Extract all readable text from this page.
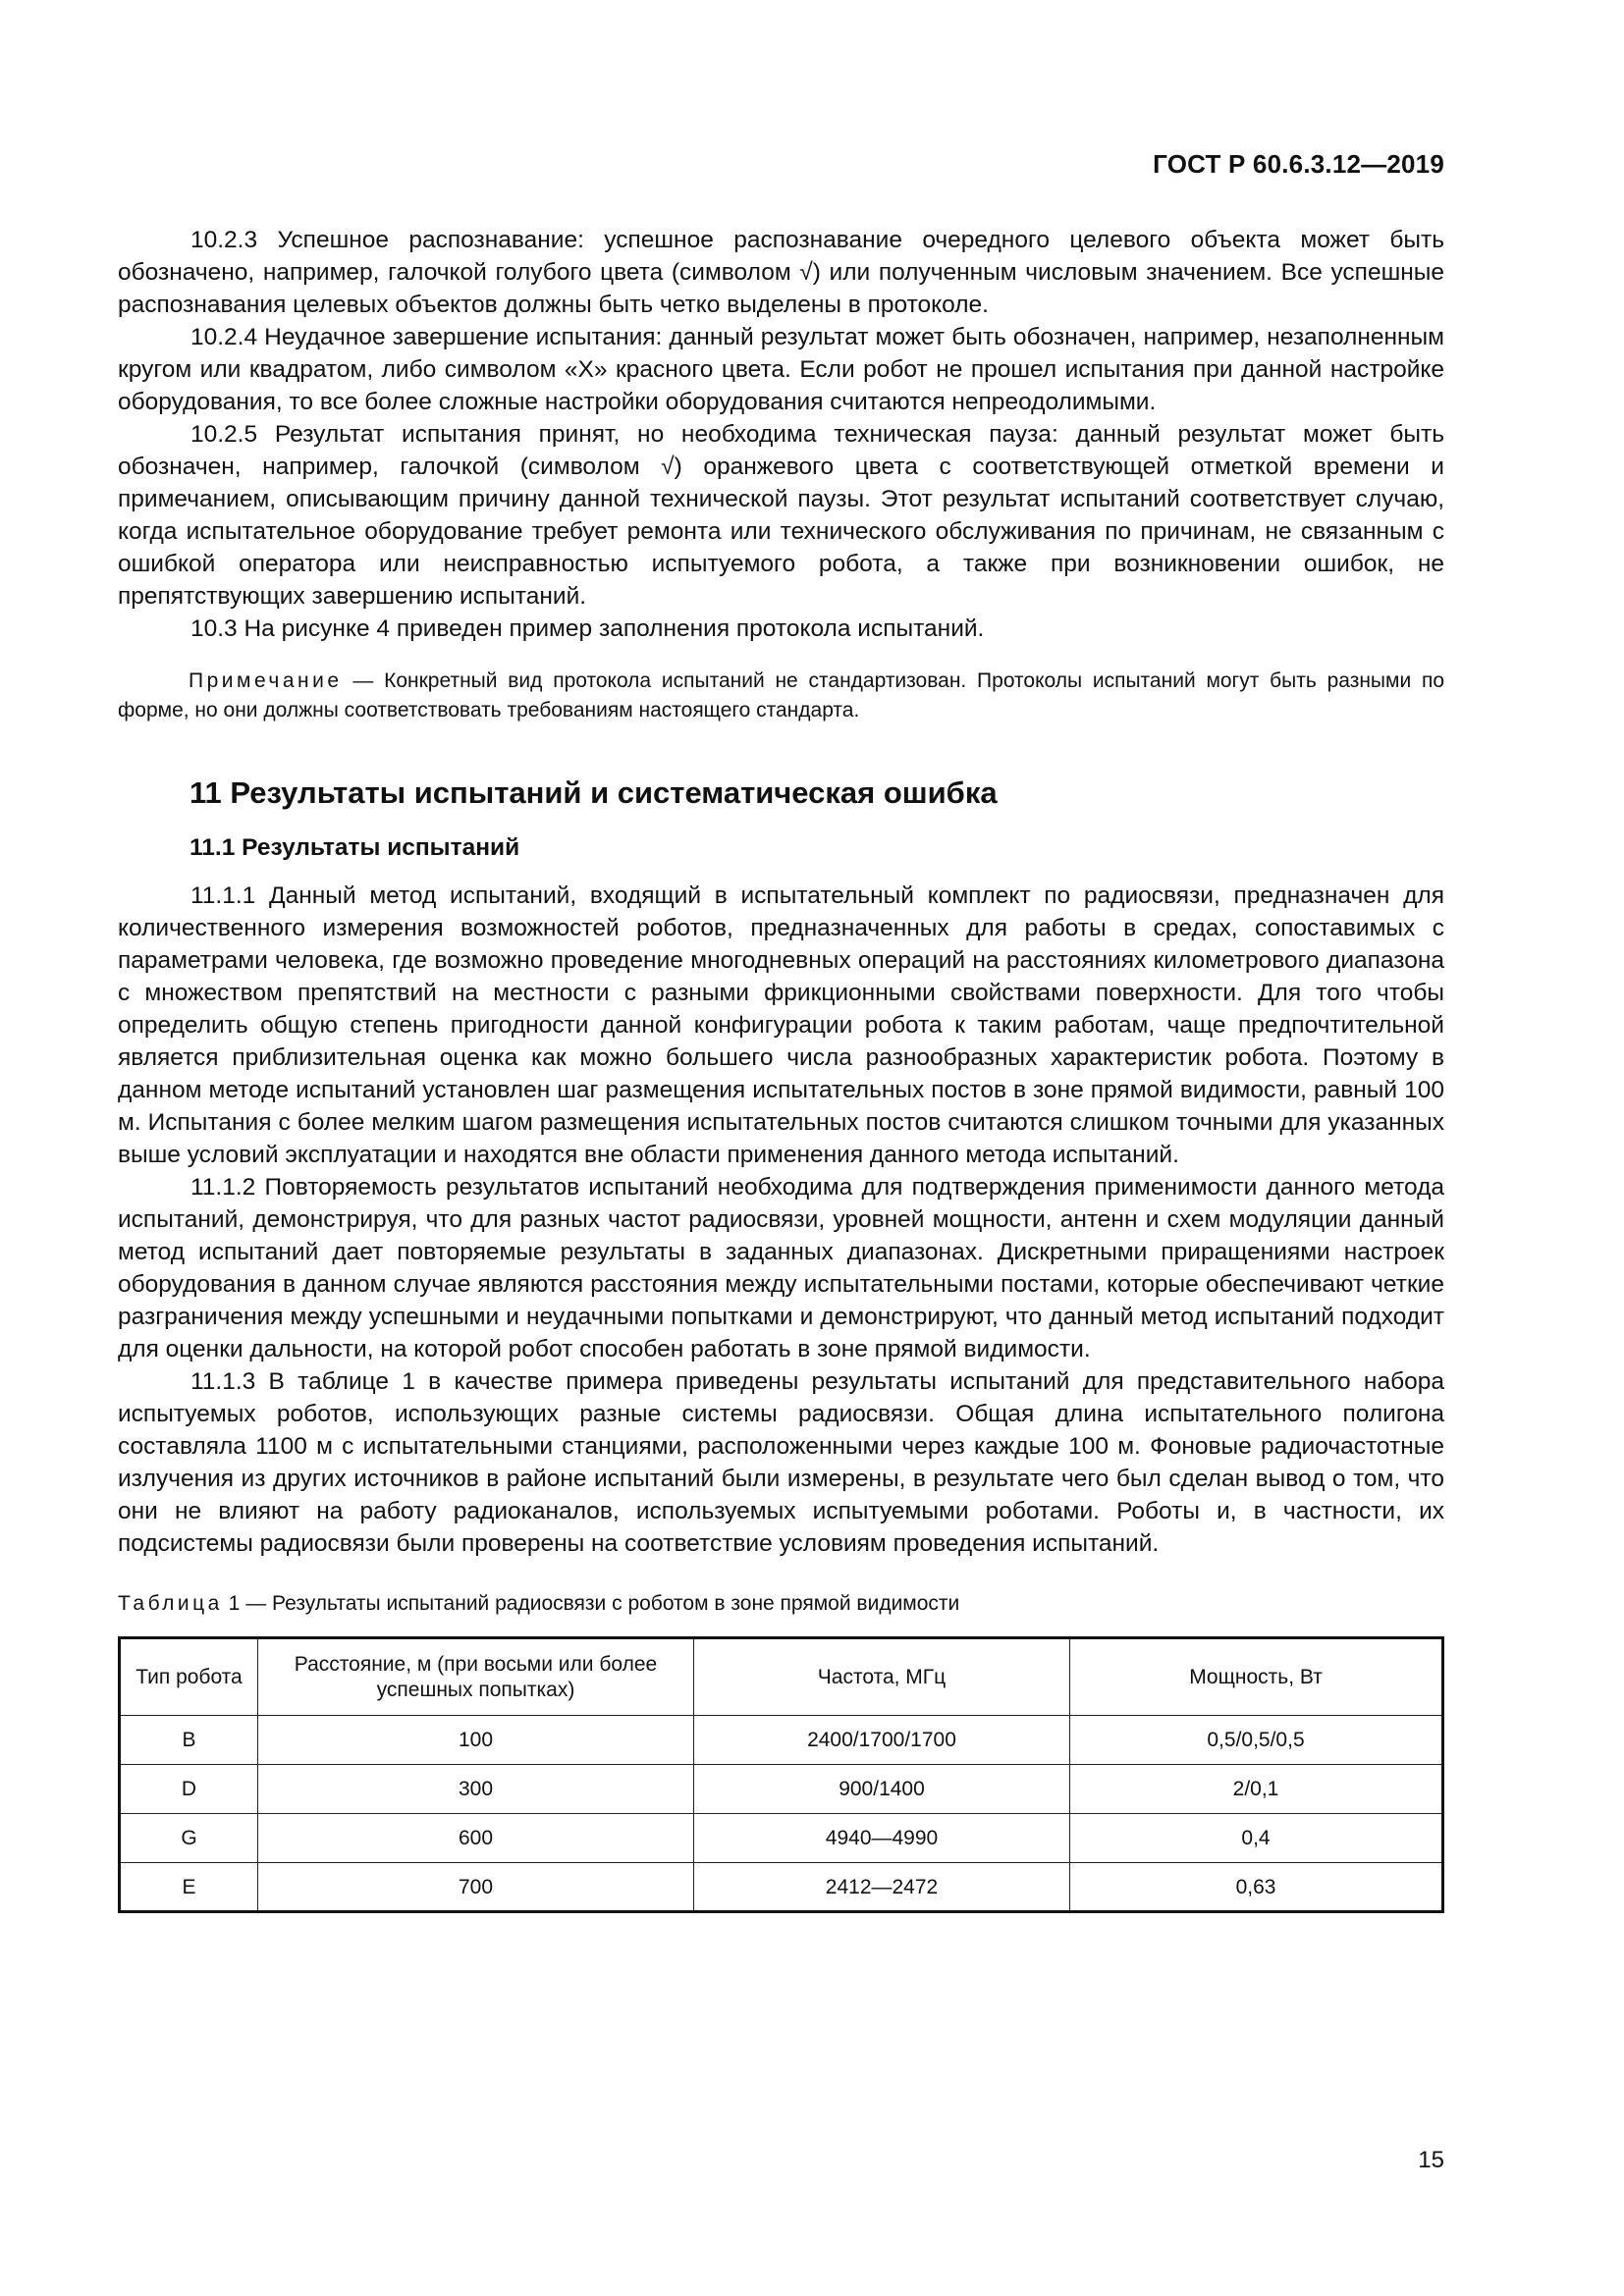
ГОСТ Р 60.6.3.12—2019

10.2.3 Успешное распознавание: успешное распознавание очередного целевого объекта может быть обозначено, например, галочкой голубого цвета (символом √) или полученным числовым значением. Все успешные распознавания целевых объектов должны быть четко выделены в протоколе.

10.2.4 Неудачное завершение испытания: данный результат может быть обозначен, например, незаполненным кругом или квадратом, либо символом «X» красного цвета. Если робот не прошел испытания при данной настройке оборудования, то все более сложные настройки оборудования считаются непреодолимыми.

10.2.5 Результат испытания принят, но необходима техническая пауза: данный результат может быть обозначен, например, галочкой (символом √) оранжевого цвета с соответствующей отметкой времени и примечанием, описывающим причину данной технической паузы. Этот результат испытаний соответствует случаю, когда испытательное оборудование требует ремонта или технического обслуживания по причинам, не связанным с ошибкой оператора или неисправностью испытуемого робота, а также при возникновении ошибок, не препятствующих завершению испытаний.

10.3 На рисунке 4 приведен пример заполнения протокола испытаний.

Примечание — Конкретный вид протокола испытаний не стандартизован. Протоколы испытаний могут быть разными по форме, но они должны соответствовать требованиям настоящего стандарта.

11 Результаты испытаний и систематическая ошибка
11.1 Результаты испытаний

11.1.1 Данный метод испытаний, входящий в испытательный комплект по радиосвязи, предназначен для количественного измерения возможностей роботов, предназначенных для работы в средах, сопоставимых с параметрами человека, где возможно проведение многодневных операций на расстояниях километрового диапазона с множеством препятствий на местности с разными фрикционными свойствами поверхности. Для того чтобы определить общую степень пригодности данной конфигурации робота к таким работам, чаще предпочтительной является приблизительная оценка как можно большего числа разнообразных характеристик робота. Поэтому в данном методе испытаний установлен шаг размещения испытательных постов в зоне прямой видимости, равный 100 м. Испытания с более мелким шагом размещения испытательных постов считаются слишком точными для указанных выше условий эксплуатации и находятся вне области применения данного метода испытаний.

11.1.2 Повторяемость результатов испытаний необходима для подтверждения применимости данного метода испытаний, демонстрируя, что для разных частот радиосвязи, уровней мощности, антенн и схем модуляции данный метод испытаний дает повторяемые результаты в заданных диапазонах. Дискретными приращениями настроек оборудования в данном случае являются расстояния между испытательными постами, которые обеспечивают четкие разграничения между успешными и неудачными попытками и демонстрируют, что данный метод испытаний подходит для оценки дальности, на которой робот способен работать в зоне прямой видимости.

11.1.3 В таблице 1 в качестве примера приведены результаты испытаний для представительного набора испытуемых роботов, использующих разные системы радиосвязи. Общая длина испытательного полигона составляла 1100 м с испытательными станциями, расположенными через каждые 100 м. Фоновые радиочастотные излучения из других источников в районе испытаний были измерены, в результате чего был сделан вывод о том, что они не влияют на работу радиоканалов, используемых испытуемыми роботами. Роботы и, в частности, их подсистемы радиосвязи были проверены на соответствие условиям проведения испытаний.

Таблица 1 — Результаты испытаний радиосвязи с роботом в зоне прямой видимости
Тип робота	Расстояние, м (при восьми или более успешных попытках)	Частота, МГц	Мощность, Вт
B	100	2400/1700/1700	0,5/0,5/0,5
D	300	900/1400	2/0,1
G	600	4940—4990	0,4
E	700	2412—2472	0,63
15
